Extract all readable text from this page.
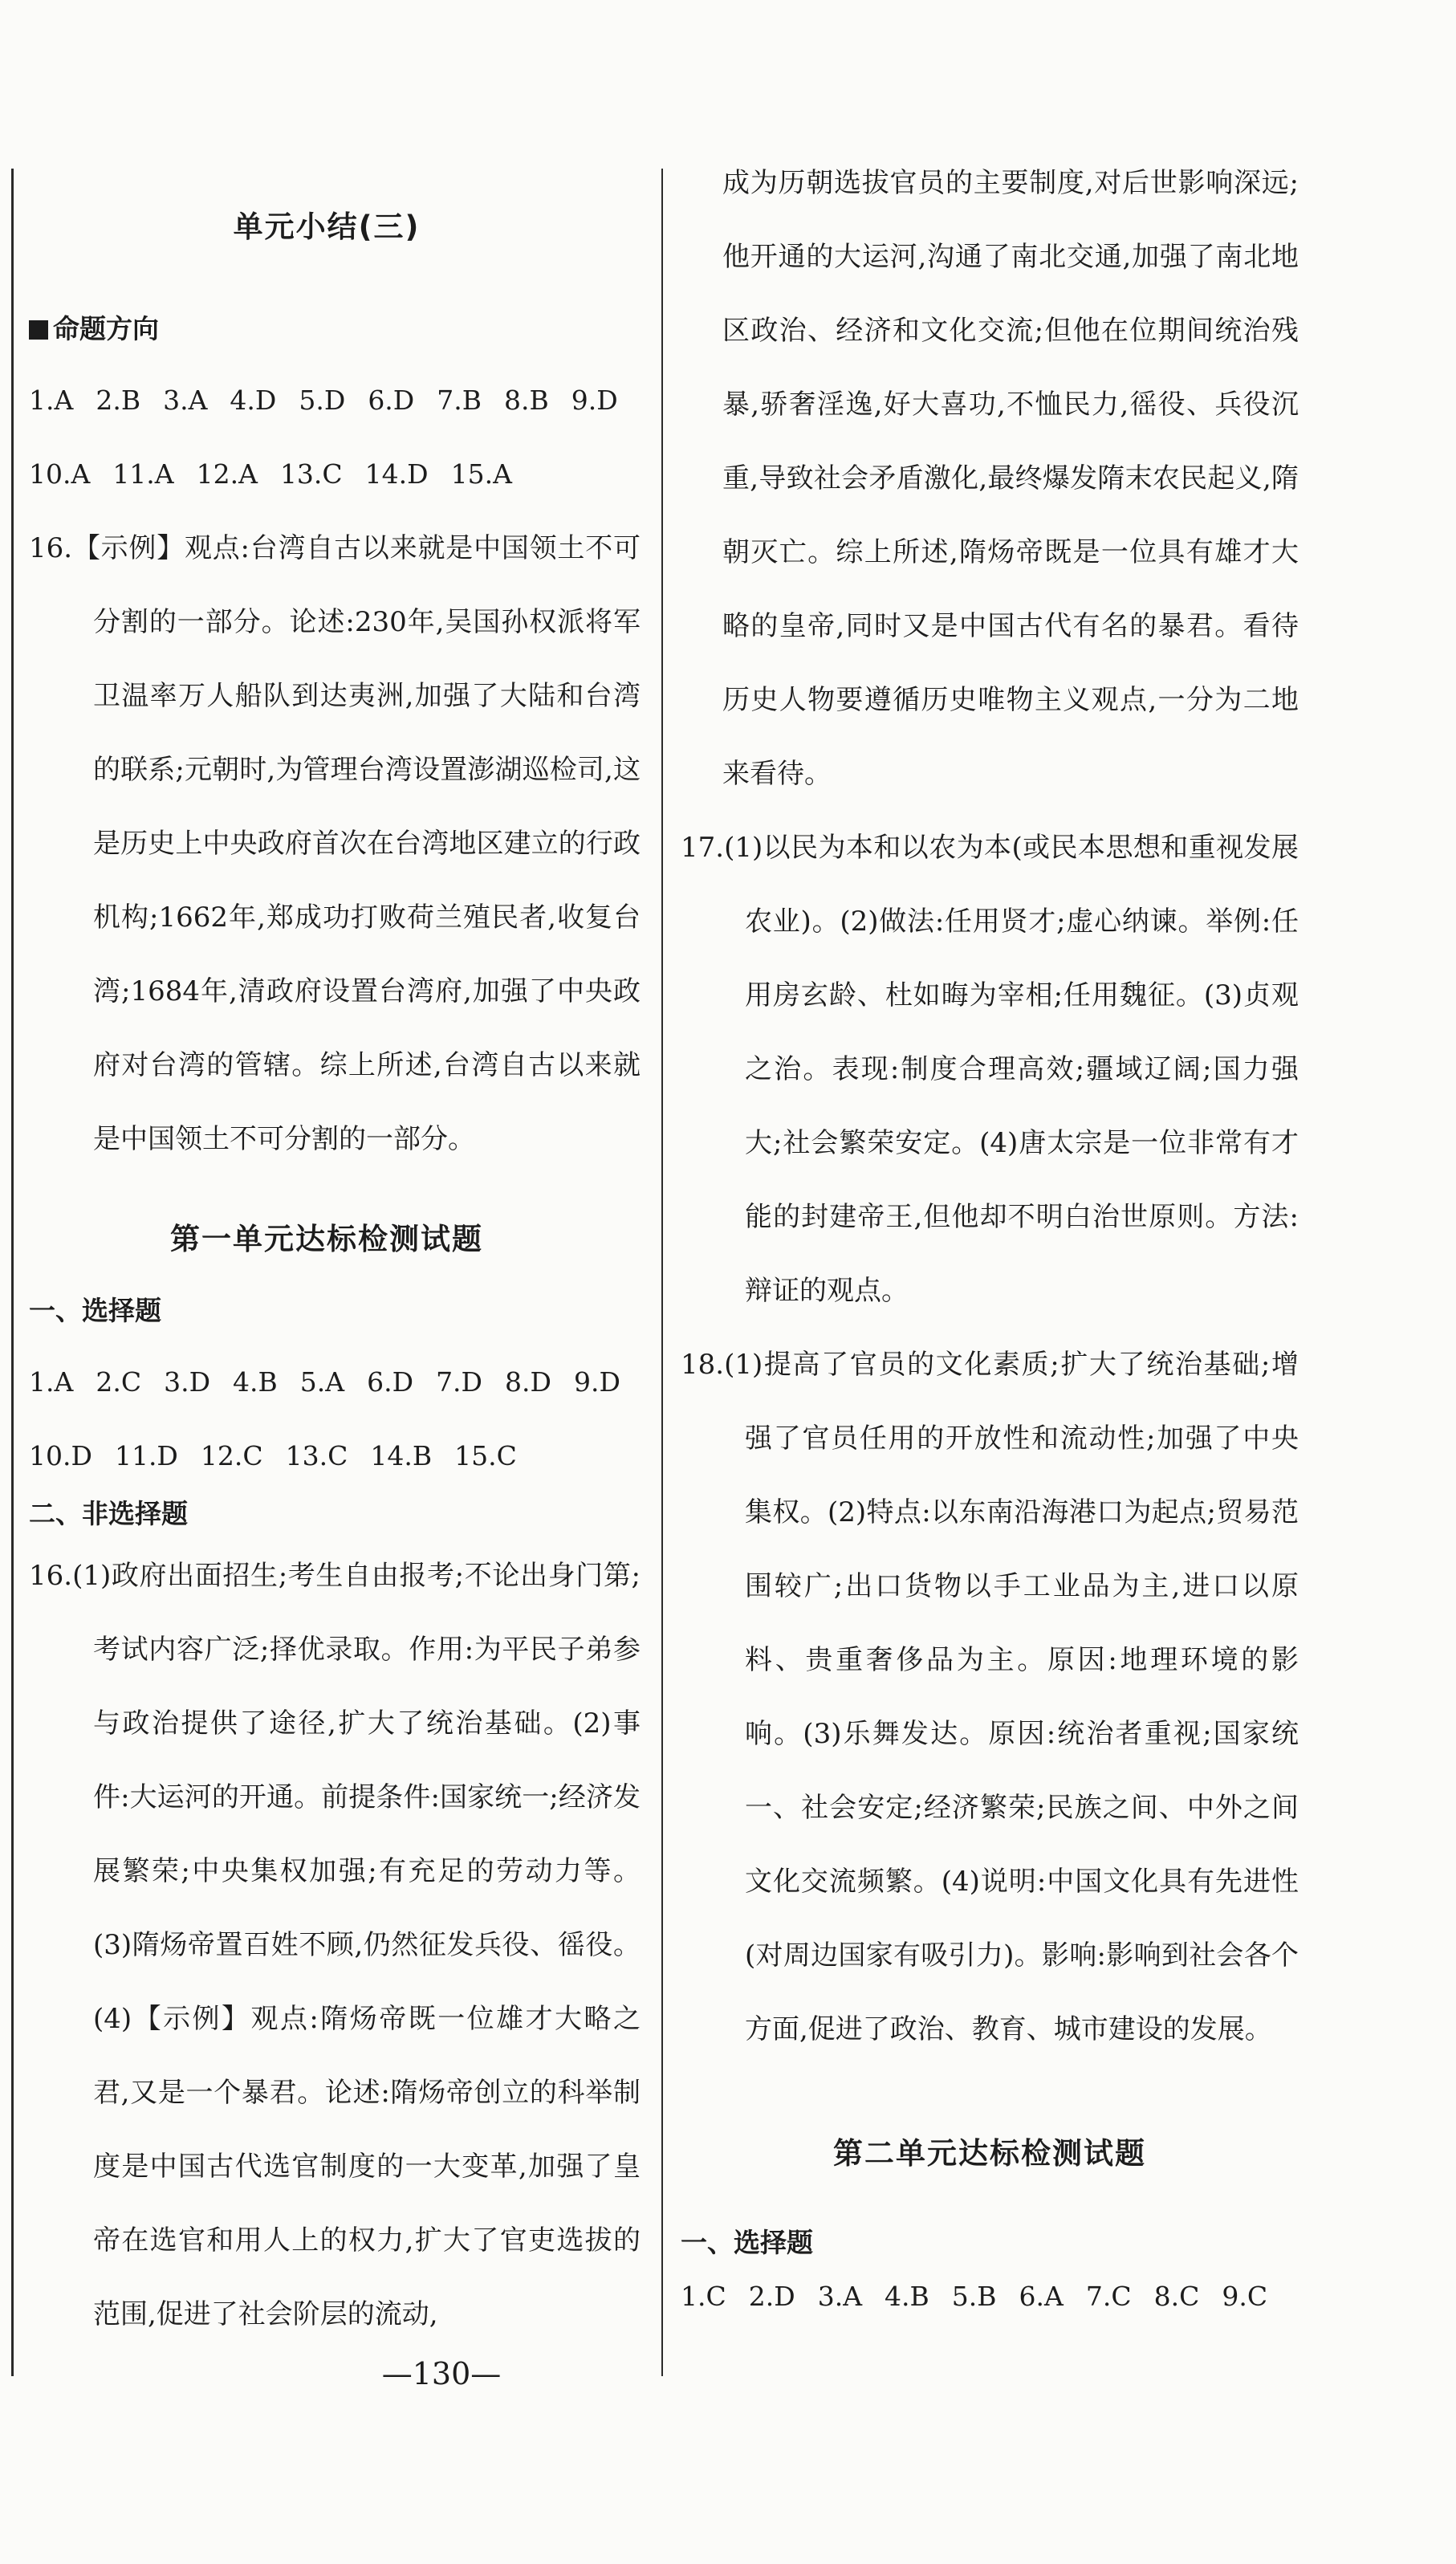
单元小结(三)
命题方向
1.A 2.B 3.A 4.D 5.D 6.D 7.B 8.B 9.D
10.A 11.A 12.A 13.C 14.D 15.A

16.【示例】观点:台湾自古以来就是中国领土不可分割的一部分。论述:230年,吴国孙权派将军卫温率万人船队到达夷洲,加强了大陆和台湾的联系;元朝时,为管理台湾设置澎湖巡检司,这是历史上中央政府首次在台湾地区建立的行政机构;1662年,郑成功打败荷兰殖民者,收复台湾;1684年,清政府设置台湾府,加强了中央政府对台湾的管辖。综上所述,台湾自古以来就是中国领土不可分割的一部分。

第一单元达标检测试题
一、选择题
1.A 2.C 3.D 4.B 5.A 6.D 7.D 8.D 9.D
10.D 11.D 12.C 13.C 14.B 15.C
二、非选择题

16.(1)政府出面招生;考生自由报考;不论出身门第;考试内容广泛;择优录取。作用:为平民子弟参与政治提供了途径,扩大了统治基础。(2)事件:大运河的开通。前提条件:国家统一;经济发展繁荣;中央集权加强;有充足的劳动力等。(3)隋炀帝置百姓不顾,仍然征发兵役、徭役。(4)【示例】观点:隋炀帝既一位雄才大略之君,又是一个暴君。论述:隋炀帝创立的科举制度是中国古代选官制度的一大变革,加强了皇帝在选官和用人上的权力,扩大了官吏选拔的范围,促进了社会阶层的流动,

成为历朝选拔官员的主要制度,对后世影响深远;他开通的大运河,沟通了南北交通,加强了南北地区政治、经济和文化交流;但他在位期间统治残暴,骄奢淫逸,好大喜功,不恤民力,徭役、兵役沉重,导致社会矛盾激化,最终爆发隋末农民起义,隋朝灭亡。综上所述,隋炀帝既是一位具有雄才大略的皇帝,同时又是中国古代有名的暴君。看待历史人物要遵循历史唯物主义观点,一分为二地来看待。

17.(1)以民为本和以农为本(或民本思想和重视发展农业)。(2)做法:任用贤才;虚心纳谏。举例:任用房玄龄、杜如晦为宰相;任用魏征。(3)贞观之治。表现:制度合理高效;疆域辽阔;国力强大;社会繁荣安定。(4)唐太宗是一位非常有才能的封建帝王,但他却不明白治世原则。方法:辩证的观点。

18.(1)提高了官员的文化素质;扩大了统治基础;增强了官员任用的开放性和流动性;加强了中央集权。(2)特点:以东南沿海港口为起点;贸易范围较广;出口货物以手工业品为主,进口以原料、贵重奢侈品为主。原因:地理环境的影响。(3)乐舞发达。原因:统治者重视;国家统一、社会安定;经济繁荣;民族之间、中外之间文化交流频繁。(4)说明:中国文化具有先进性(对周边国家有吸引力)。影响:影响到社会各个方面,促进了政治、教育、城市建设的发展。

第二单元达标检测试题
一、选择题
1.C 2.D 3.A 4.B 5.B 6.A 7.C 8.C 9.C
—130—
